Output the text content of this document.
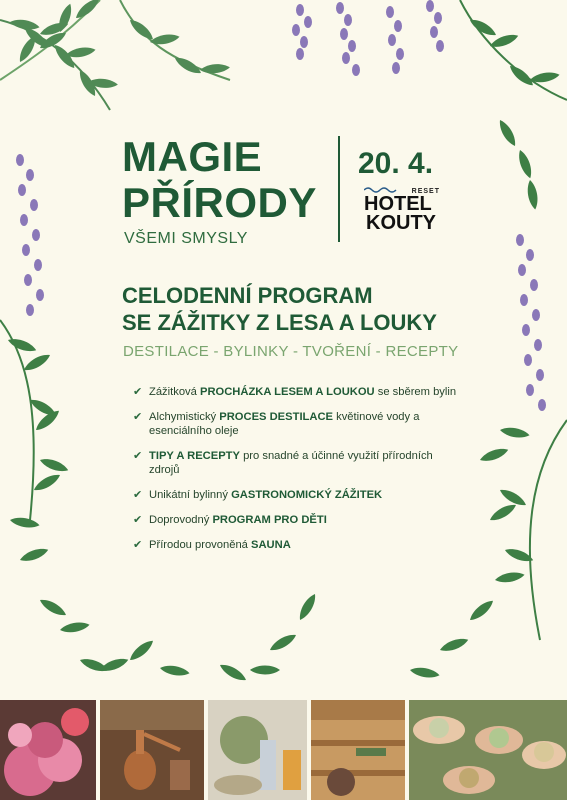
MAGIE
PŘÍRODY
VŠEMI SMYSLY
20. 4.
RESET
HOTEL
KOUTY
CELODENNÍ PROGRAM
SE ZÁŽITKY Z LESA A LOUKY
DESTILACE - BYLINKY - TVOŘENÍ - RECEPTY
✔ Zážitková PROCHÁZKA LESEM A LOUKOU se sběrem bylin
✔ Alchymistický PROCES DESTILACE květinové vody a esenciálního oleje
✔ TIPY A RECEPTY pro snadné a účinné využití přírodních zdrojů
✔ Unikátní bylinný GASTRONOMICKÝ ZÁŽITEK
✔ Doprovodný PROGRAM PRO DĚTI
✔ Přírodou provoněná SAUNA
